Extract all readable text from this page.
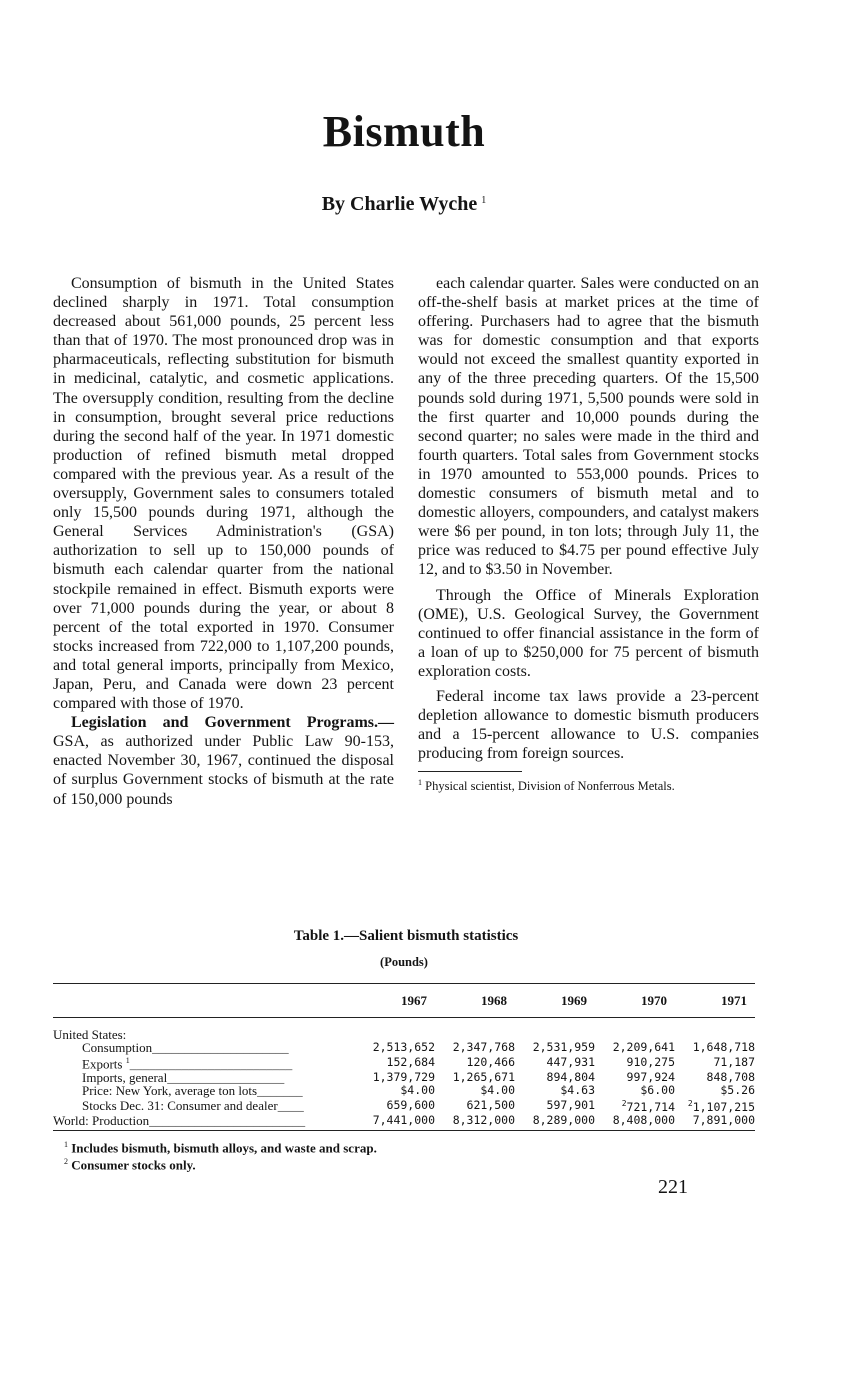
Bismuth
By Charlie Wyche $^1$

Consumption of bismuth in the United States declined sharply in 1971. Total consumption decreased about 561,000 pounds, 25 percent less than that of 1970. The most pronounced drop was in pharmaceuticals, reflecting substitution for bismuth in medicinal, catalytic, and cosmetic applications. The oversupply condition, resulting from the decline in consumption, brought several price reductions during the second half of the year. In 1971 domestic production of refined bismuth metal dropped compared with the previous year. As a result of the oversupply, Government sales to consumers totaled only 15,500 pounds during 1971, although the General Services Administration's (GSA) authorization to sell up to 150,000 pounds of bismuth each calendar quarter from the national stockpile remained in effect. Bismuth exports were over 71,000 pounds during the year, or about 8 percent of the total exported in 1970. Consumer stocks increased from 722,000 to 1,107,200 pounds, and total general imports, principally from Mexico, Japan, Peru, and Canada were down 23 percent compared with those of 1970.

Legislation and Government Programs.— GSA, as authorized under Public Law 90-153, enacted November 30, 1967, continued the disposal of surplus Government stocks of bismuth at the rate of 150,000 pounds

each calendar quarter. Sales were conducted on an off-the-shelf basis at market prices at the time of offering. Purchasers had to agree that the bismuth was for domestic consumption and that exports would not exceed the smallest quantity exported in any of the three preceding quarters. Of the 15,500 pounds sold during 1971, 5,500 pounds were sold in the first quarter and 10,000 pounds during the second quarter; no sales were made in the third and fourth quarters. Total sales from Government stocks in 1970 amounted to 553,000 pounds. Prices to domestic consumers of bismuth metal and to domestic alloyers, compounders, and catalyst makers were $6 per pound, in ton lots; through July 11, the price was reduced to $4.75 per pound effective July 12, and to $3.50 in November.

Through the Office of Minerals Exploration (OME), U.S. Geological Survey, the Government continued to offer financial assistance in the form of a loan of up to $250,000 for 75 percent of bismuth exploration costs.

Federal income tax laws provide a 23-percent depletion allowance to domestic bismuth producers and a 15-percent allowance to U.S. companies producing from foreign sources.

$^1$ Physical scientist, Division of Nonferrous Metals.

Table 1.—Salient bismuth statistics
(Pounds)
	1967	1968	1969	1970	1971
United States:					
Consumption_____________________	2,513,652	2,347,768	2,531,959	2,209,641	1,648,718
Exports $^1$_________________________	152,684	120,466	447,931	910,275	71,187
Imports, general__________________	1,379,729	1,265,671	894,804	997,924	848,708
Price: New York, average ton lots_______	$4.00	$4.00	$4.63	$6.00	$5.26
Stocks Dec. 31: Consumer and dealer____	659,600	621,500	597,901	$^2$721,714	$^2$1,107,215
World: Production________________________	7,441,000	8,312,000	8,289,000	8,408,000	7,891,000
$^1$ Includes bismuth, bismuth alloys, and waste and scrap.
$^2$ Consumer stocks only.
221
